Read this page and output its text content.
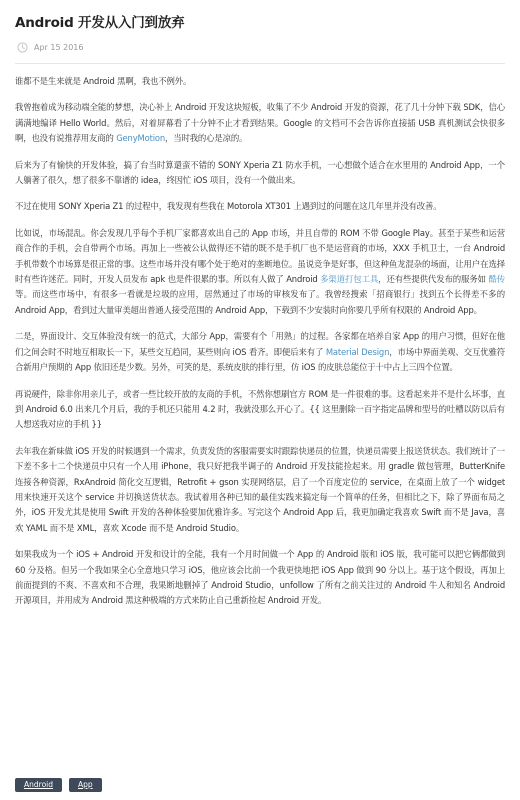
Android 开发从入门到放弃
Apr 15 2016

谁都不是生来就是 Android 黑啊，我也不例外。

我曾抱着成为移动端全能的梦想，决心补上 Android 开发这块短板，收集了不少 Android 开发的资源，花了几十分钟下载 SDK，信心满满地编译 Hello World。然后，对着屏幕看了十分钟不止才看到结果。Google 的文档可不会告诉你直接插 USB 真机测试会快很多啊，也没有说推荐用友商的 GenyMotion，当时我的心是凉的。

后来为了有愉快的开发体验，搞了台当时算還蛮不错的 SONY Xperia Z1 防水手机，一心想做个适合在水里用的 Android App，一个人躺著了很久，想了很多不靠谱的 idea，终因忙 iOS 项目，没有一个做出来。

不过在使用 SONY Xperia Z1 的过程中，我发现有些我在 Motorola XT301 上遇到过的问题在这几年里并没有改善。

比如说，市场混乱。你会发现几乎每个手机厂家都喜欢出自己的 App 市场，并且自带的 ROM 不带 Google Play。甚至于某些和运营商合作的手机，会自带两个市场。再加上一些被公认做得还不错的既不是手机厂也不是运营商的市场，XXX 手机卫士，一台 Android 手机带数个市场算是很正常的事。这些市场并没有哪个处于绝对的垄断地位。虽说竞争是好事，但这种鱼龙混杂的场面，让用户在选择时有些许迷茫。同时，开发人员发布 apk 也是件很累的事。所以有人做了 Android 多渠道打包工具，还有些提供代发布的服务如 酷传 等。而这些市场中，有很多一看就是垃圾的应用，居然通过了市场的审核发布了。我曾经搜索「招商银行」找到五个长得差不多的 Android App，看到过大量审美超出普通人接受范围的 Android App，下载到不少安装时向你要几乎所有权限的 Android App。

二是，界面设计、交互体验没有统一的范式，大部分 App，需要有个「用熟」的过程。各家都在培养自家 App 的用户习惯，但好在他们之间会时不时地互相取长一下，某些交互趋同，某些则向 iOS 看齐。即便后来有了 Material Design，市场中界面美观、交互优雅符合新用户预期的 App 依旧还是少数。另外，可笑的是，系统皮肤的排行里，仿 iOS 的皮肤总能位于十中占上三四个位置。

再说硬件，除非你用亲儿子，或者一些比较开放的友商的手机，不然你想刷官方 ROM 是一件很难的事。这看起来并不是什么坏事，直到 Android 6.0 出来几个月后，我的手机还只能用 4.2 时，我就没那么开心了。{{ 这里删除一百字指定品牌和型号的吐槽以防以后有人想送我对应的手机 }}

去年我在新味做 iOS 开发的时候遇到一个需求，负责发货的客服需要实时跟踪快递员的位置，快递员需要上报送货状态。我们统计了一下差不多十二个快递员中只有一个人用 iPhone，我只好把我半调子的 Android 开发技能捡起来。用 gradle 做包管理，ButterKnife 连接各种资源，RxAndroid 简化交互逻辑，Retrofit + gson 实现网络层，启了一个百度定位的 service，在桌面上放了一个 widget 用来快速开关这个 service 并切换送货状态。我试着用各种已知的最佳实践来搞定每一个简单的任务，但相比之下，除了界面布局之外，iOS 开发尤其是使用 Swift 开发的各种体验要加优雅许多。写完这个 Android App 后，我更加确定我喜欢 Swift 而不是 Java，喜欢 YAML 而不是 XML，喜欢 Xcode 而不是 Android Studio。

如果我成为一个 iOS + Android 开发和设计的全能，我有一个月时间做一个 App 的 Android 版和 iOS 版，我可能可以把它俩都做到 60 分及格。但另一个我如果全心全意地只学习 iOS，他应该会比前一个我更快地把 iOS App 做到 90 分以上。基于这个假设，再加上前面提到的不爽、不喜欢和不合理，我果断地删掉了 Android Studio，unfollow 了所有之前关注过的 Android 牛人和知名 Android 开源项目，并用成为 Android 黑这种极端的方式来防止自己重新捡起 Android 开发。

Android	App
